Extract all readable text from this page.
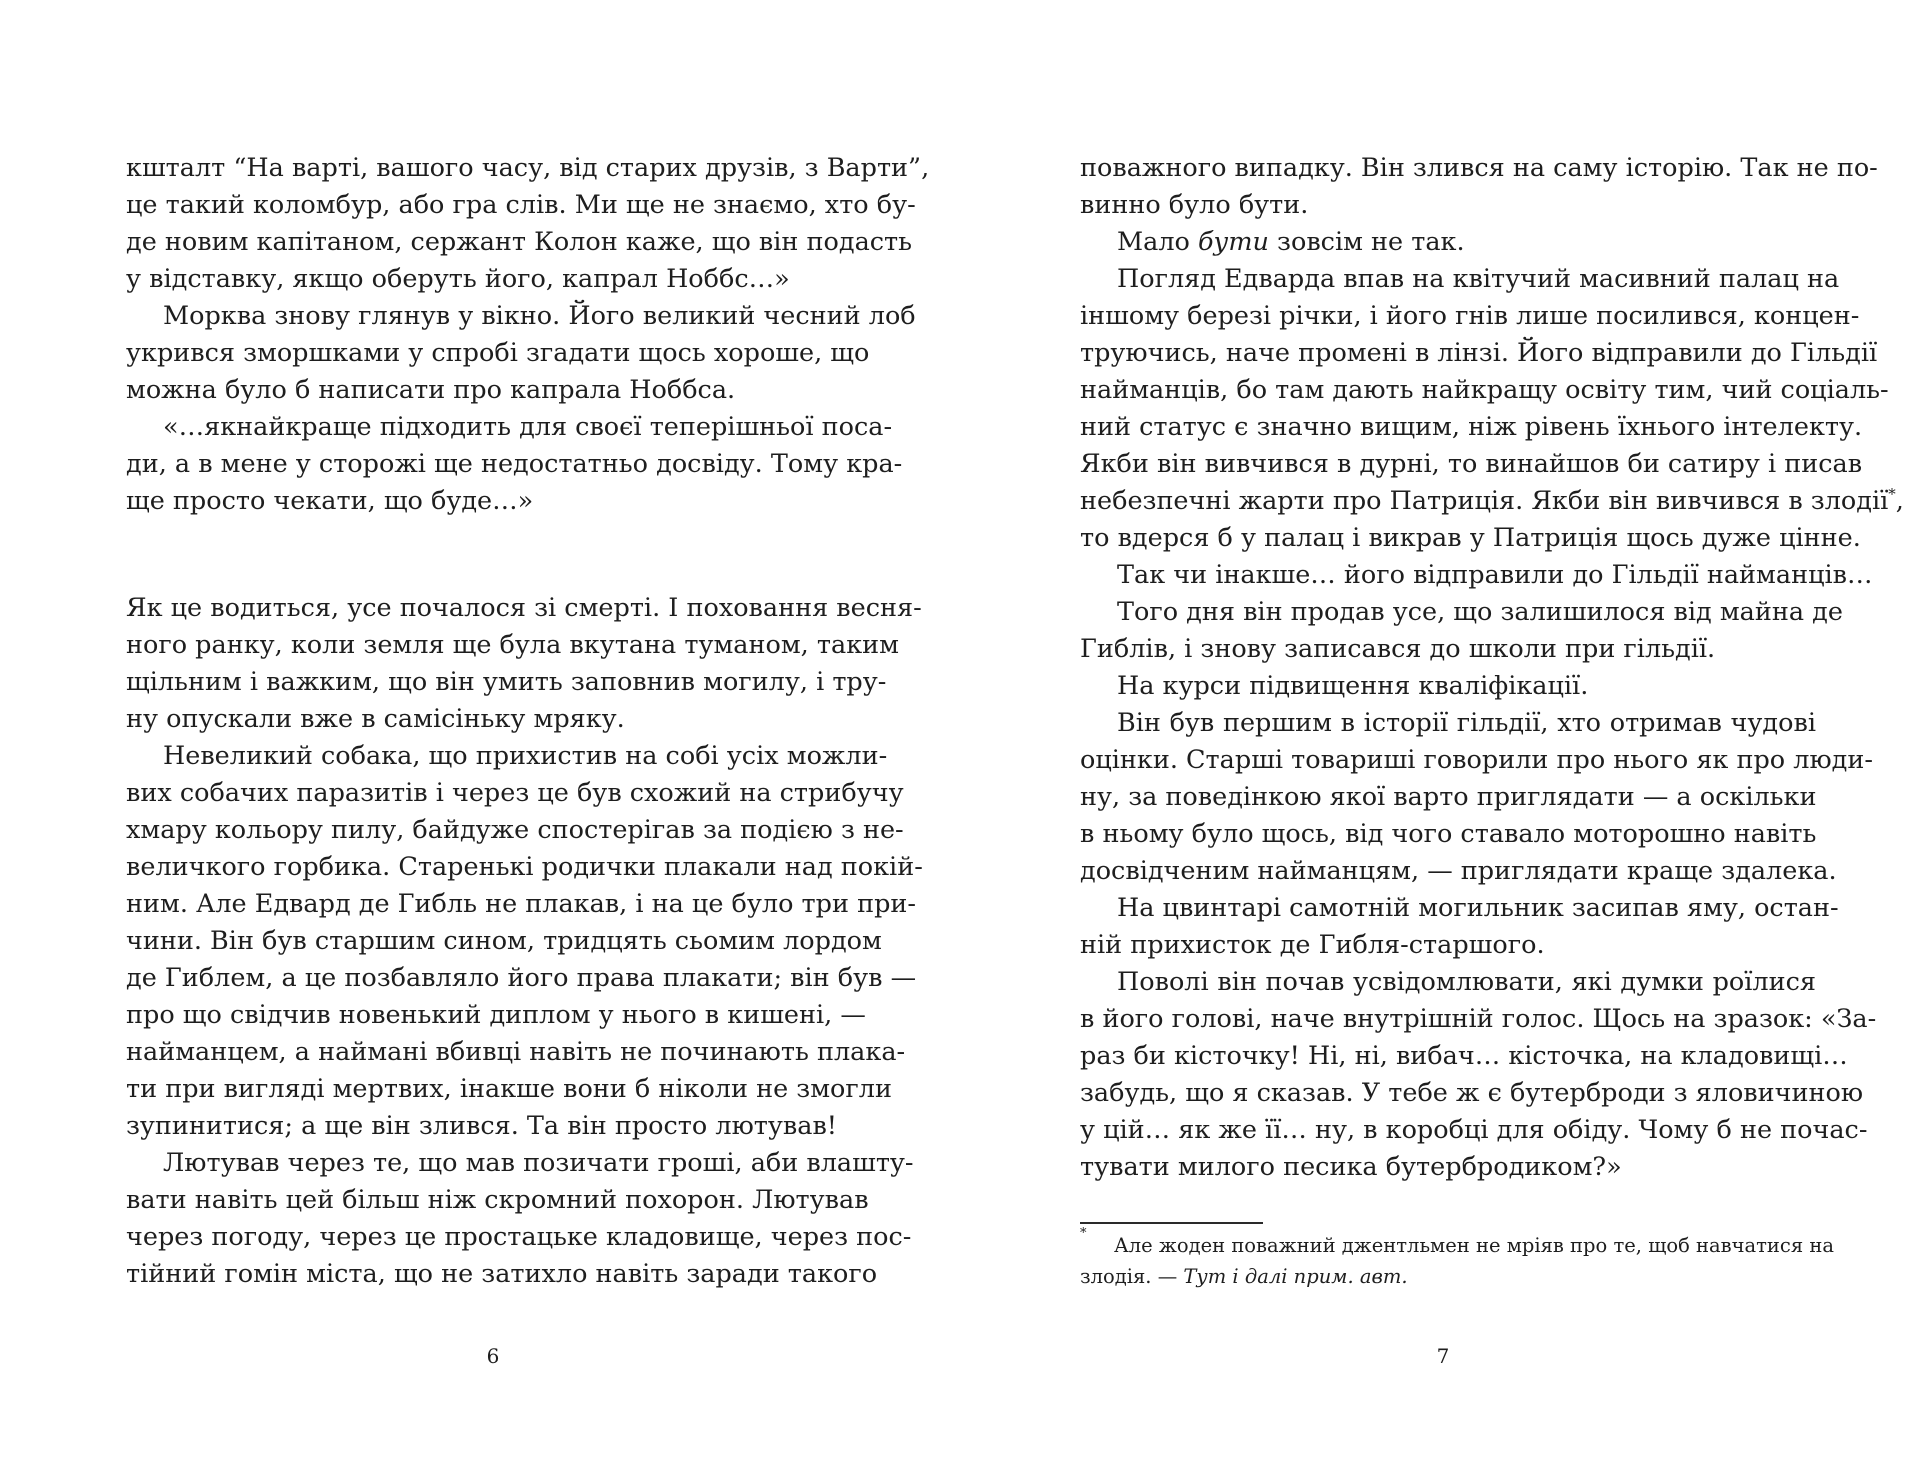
кшталт “На варті, вашого часу, від старих друзів, з Варти”,
це такий коломбур, або гра слів. Ми ще не знаємо, хто бу-
де новим капітаном, сержант Колон каже, що він подасть
у відставку, якщо оберуть його, капрал Ноббс…»
Морква знову глянув у вікно. Його великий чесний лоб
укрився зморшками у спробі згадати щось хороше, що
можна було б написати про капрала Ноббса.
«…якнайкраще підходить для своєї теперішньої поса-
ди, а в мене у сторожі ще недостатньо досвіду. Тому кра-
ще просто чекати, що буде…»
Як це водиться, усе почалося зі смерті. І поховання весня-
ного ранку, коли земля ще була вкутана туманом, таким
щільним і важким, що він умить заповнив могилу, і тру-
ну опускали вже в самісіньку мряку.
Невеликий собака, що прихистив на собі усіх можли-
вих собачих паразитів і через це був схожий на стрибучу
хмару кольору пилу, байдуже спостерігав за подією з не-
величкого горбика. Старенькі родички плакали над покій-
ним. Але Едвард де Гибль не плакав, і на це було три при-
чини. Він був старшим сином, тридцять сьомим лордом
де Гиблем, а це позбавляло його права плакати; він був —
про що свідчив новенький диплом у нього в кишені, —
найманцем, а наймані вбивці навіть не починають плака-
ти при вигляді мертвих, інакше вони б ніколи не змогли
зупинитися; а ще він злився. Та він просто лютував!
Лютував через те, що мав позичати гроші, аби влашту-
вати навіть цей більш ніж скромний похорон. Лютував
через погоду, через це простацьке кладовище, через пос-
тійний гомін міста, що не затихло навіть заради такого
поважного випадку. Він злився на саму історію. Так не по-
винно було бути.
Мало бути зовсім не так.
Погляд Едварда впав на квітучий масивний палац на
іншому березі річки, і його гнів лише посилився, концен-
труючись, наче промені в лінзі. Його відправили до Гільдії
найманців, бо там дають найкращу освіту тим, чий соціаль-
ний статус є значно вищим, ніж рівень їхнього інтелекту.
Якби він вивчився в дурні, то винайшов би сатиру і писав
небезпечні жарти про Патриція. Якби він вивчився в злодії*,
то вдерся б у палац і викрав у Патриція щось дуже цінне.
Так чи інакше… його відправили до Гільдії найманців…
Того дня він продав усе, що залишилося від майна де
Гиблів, і знову записався до школи при гільдії.
На курси підвищення кваліфікації.
Він був першим в історії гільдії, хто отримав чудові
оцінки. Старші товариші говорили про нього як про люди-
ну, за поведінкою якої варто приглядати — а оскільки
в ньому було щось, від чого ставало моторошно навіть
досвідченим найманцям, — приглядати краще здалека.
На цвинтарі самотній могильник засипав яму, остан-
ній прихисток де Гибля-старшого.
Поволі він почав усвідомлювати, які думки роїлися
в його голові, наче внутрішній голос. Щось на зразок: «За-
раз би кісточку! Ні, ні, вибач… кісточка, на кладовищі…
забудь, що я сказав. У тебе ж є бутерброди з яловичиною
у цій… як же її… ну, в коробці для обіду. Чому б не почас-
тувати милого песика бутербродиком?»
6	7
*
Але жоден поважний джентльмен не мріяв про те, щоб навчатися на
злодія. — Тут і далі прим. авт.
